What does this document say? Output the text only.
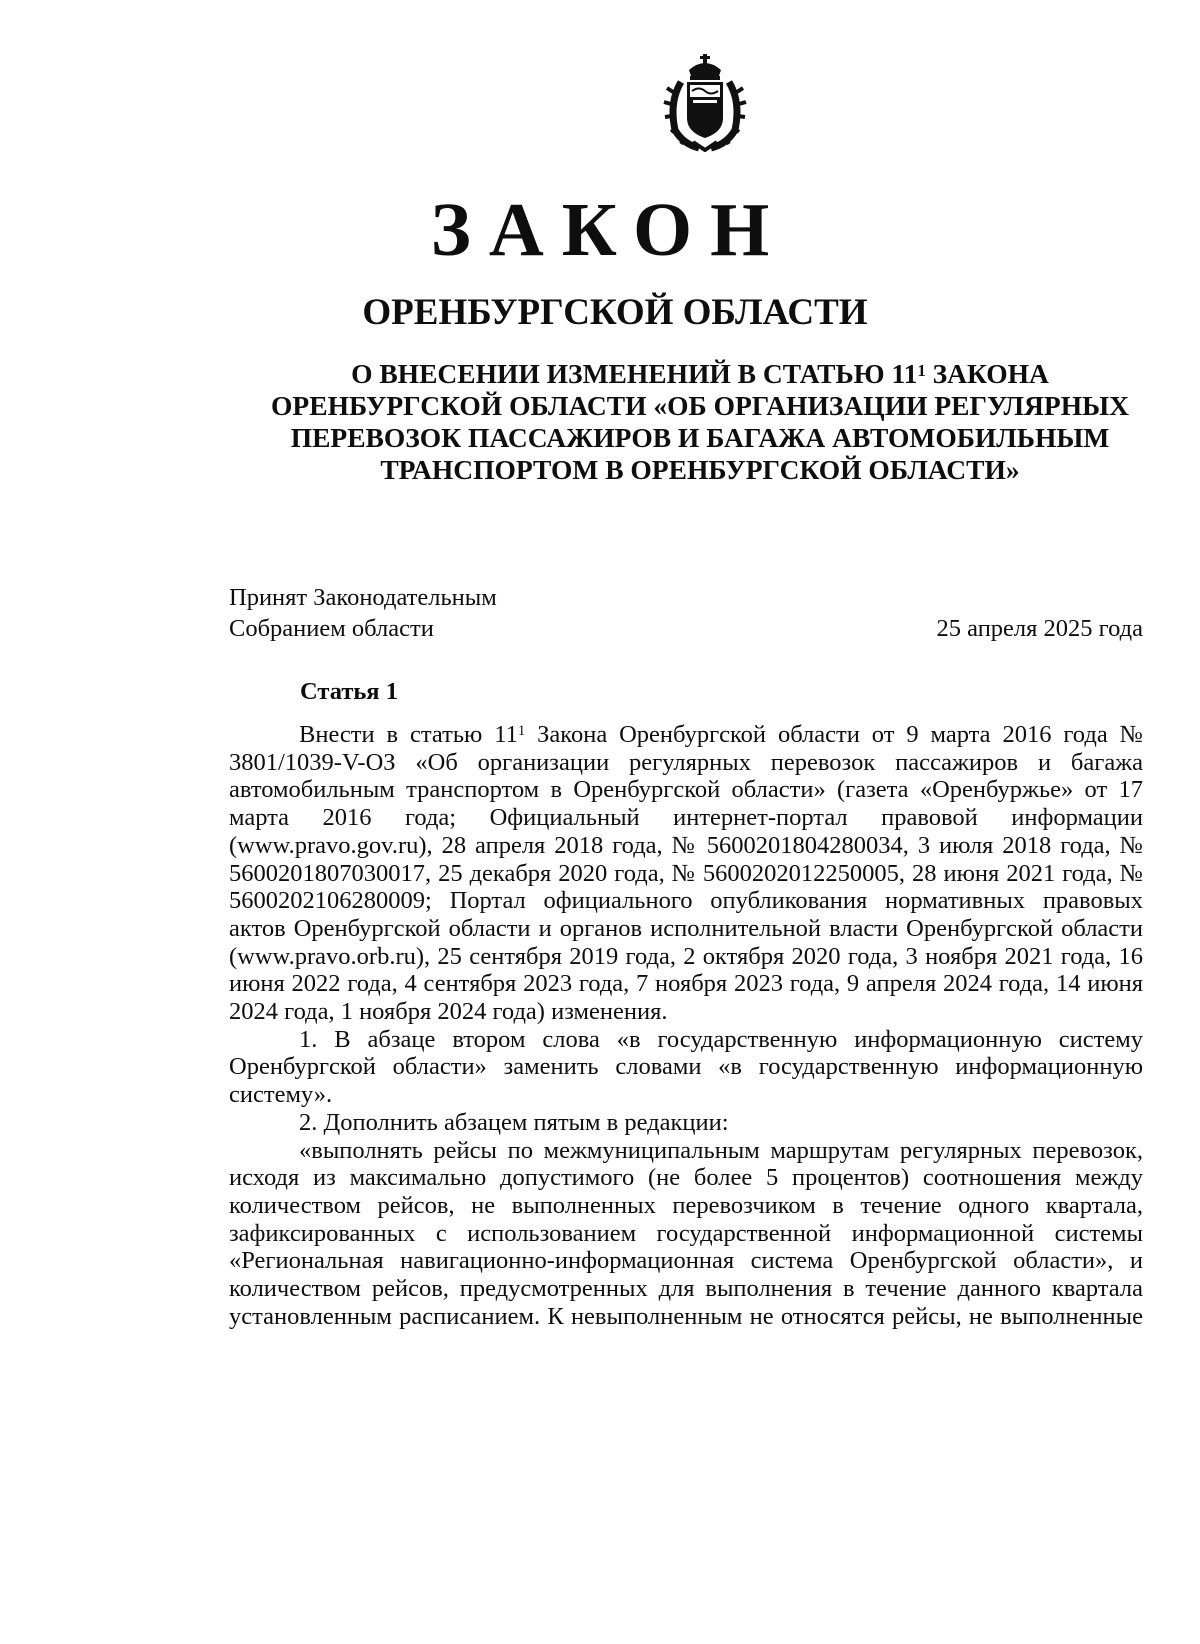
ЗАКОН
ОРЕНБУРГСКОЙ ОБЛАСТИ
О ВНЕСЕНИИ ИЗМЕНЕНИЙ В СТАТЬЮ $11^1$ ЗАКОНА
ОРЕНБУРГСКОЙ ОБЛАСТИ «ОБ ОРГАНИЗАЦИИ РЕГУЛЯРНЫХ
ПЕРЕВОЗОК ПАССАЖИРОВ И БАГАЖА АВТОМОБИЛЬНЫМ
ТРАНСПОРТОМ В ОРЕНБУРГСКОЙ ОБЛАСТИ»
Принят Законодательным
Собранием области	25 апреля 2025 года
Статья 1

Внести в статью $11^1$ Закона Оренбургской области от 9 марта 2016 года № 3801/1039-V-ОЗ «Об организации регулярных перевозок пассажиров и багажа автомобильным транспортом в Оренбургской области» (газета «Оренбуржье» от 17 марта 2016 года; Официальный интернет-портал правовой информации (www.pravo.gov.ru), 28 апреля 2018 года, № 5600201804280034, 3 июля 2018 года, № 5600201807030017, 25 декабря 2020 года, № 5600202012250005, 28 июня 2021 года, № 5600202106280009; Портал официального опубликования нормативных правовых актов Оренбургской области и органов исполнительной власти Оренбургской области (www.pravo.orb.ru), 25 сентября 2019 года, 2 октября 2020 года, 3 ноября 2021 года, 16 июня 2022 года, 4 сентября 2023 года, 7 ноября 2023 года, 9 апреля 2024 года, 14 июня 2024 года, 1 ноября 2024 года) изменения.

1. В абзаце втором слова «в государственную информационную систему Оренбургской области» заменить словами «в государственную информационную систему».

2. Дополнить абзацем пятым в редакции:

«выполнять рейсы по межмуниципальным маршрутам регулярных перевозок, исходя из максимально допустимого (не более 5 процентов) соотношения между количеством рейсов, не выполненных перевозчиком в течение одного квартала, зафиксированных с использованием государственной информационной системы «Региональная навигационно-информационная система Оренбургской области», и количеством рейсов, предусмотренных для выполнения в течение данного квартала установленным расписанием. К невыполненным не относятся рейсы, не выполненные
